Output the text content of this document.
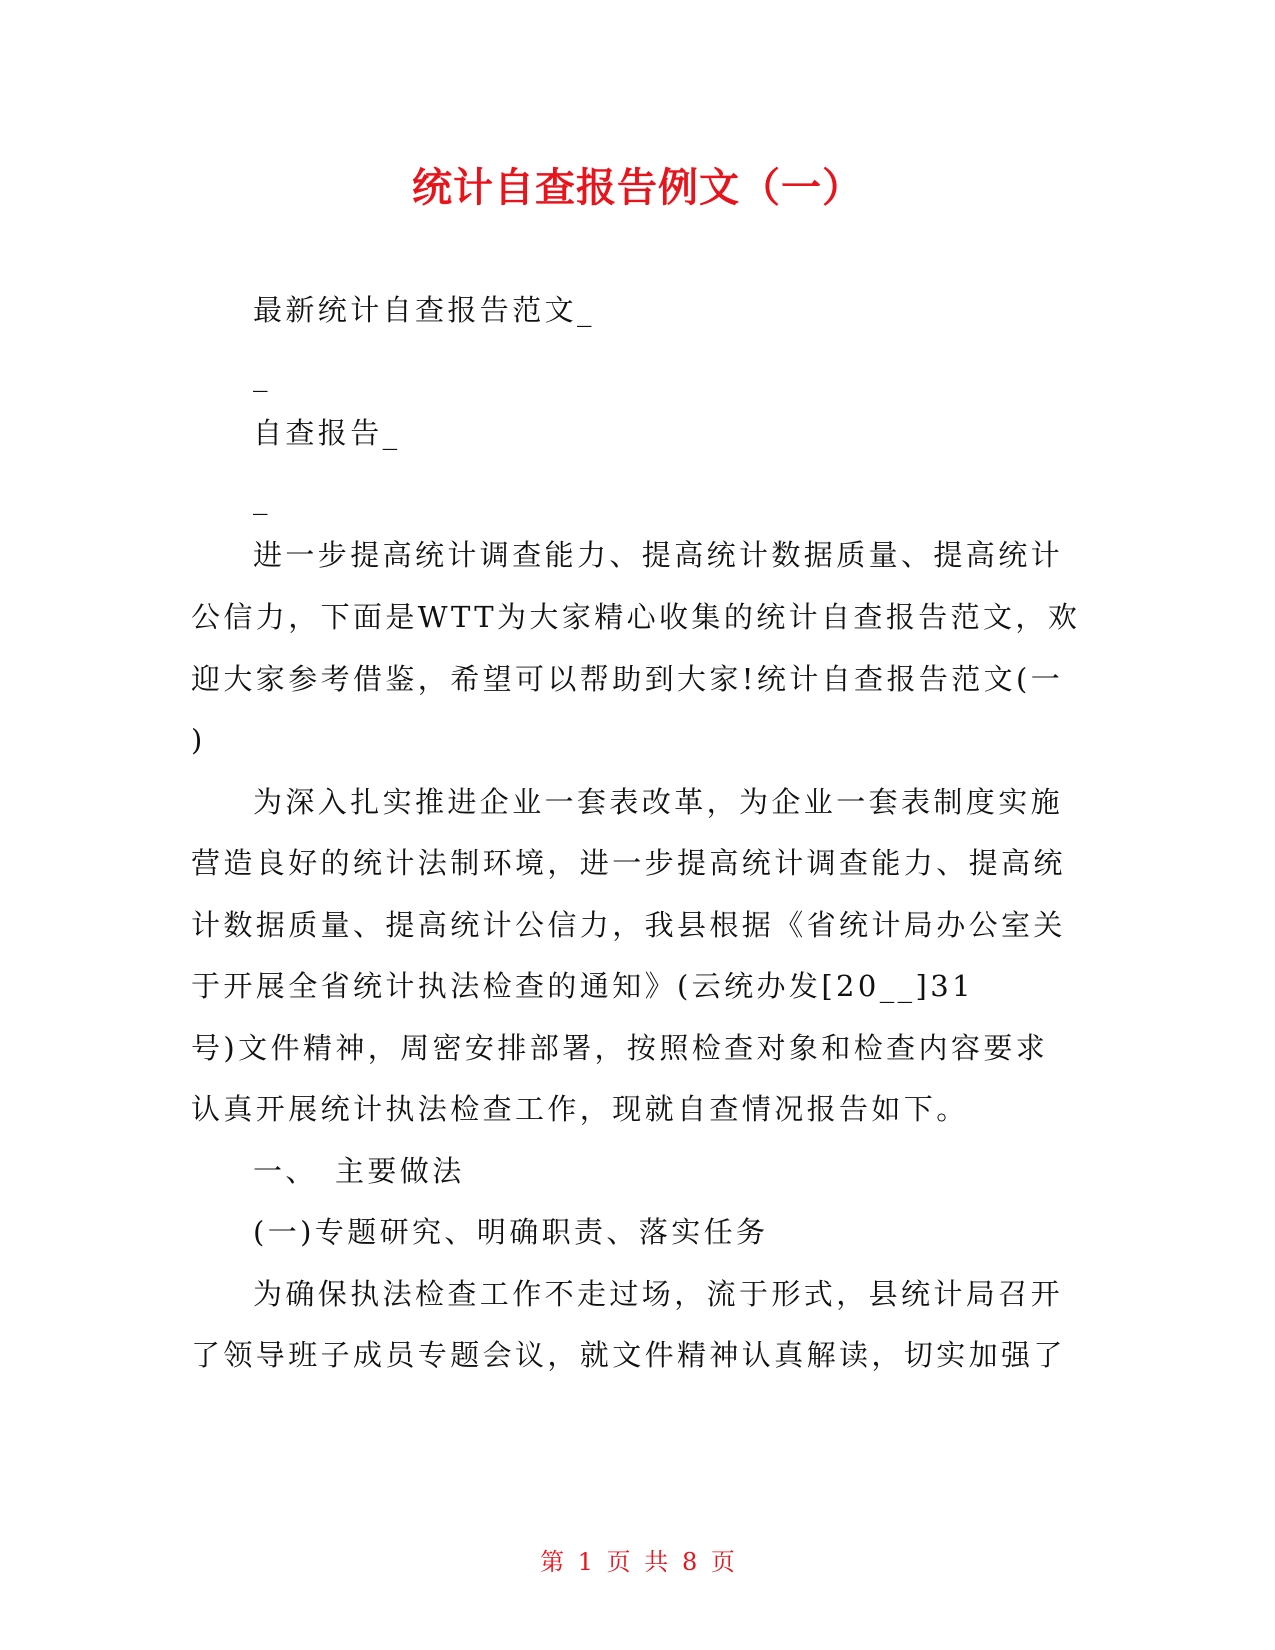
统计自查报告例文（一）
最新统计自查报告范文_
_
自查报告_
_
进一步提高统计调查能力、提高统计数据质量、提高统计
公信力，下面是WTT为大家精心收集的统计自查报告范文，欢
迎大家参考借鉴，希望可以帮助到大家!统计自查报告范文(一
)
为深入扎实推进企业一套表改革，为企业一套表制度实施
营造良好的统计法制环境，进一步提高统计调查能力、提高统
计数据质量、提高统计公信力，我县根据《省统计局办公室关
于开展全省统计执法检查的通知》(云统办发[20__]31
号)文件精神，周密安排部署，按照检查对象和检查内容要求
认真开展统计执法检查工作，现就自查情况报告如下。
一、 主要做法
(一)专题研究、明确职责、落实任务
为确保执法检查工作不走过场，流于形式，县统计局召开
了领导班子成员专题会议，就文件精神认真解读，切实加强了
第 1 页 共 8 页
